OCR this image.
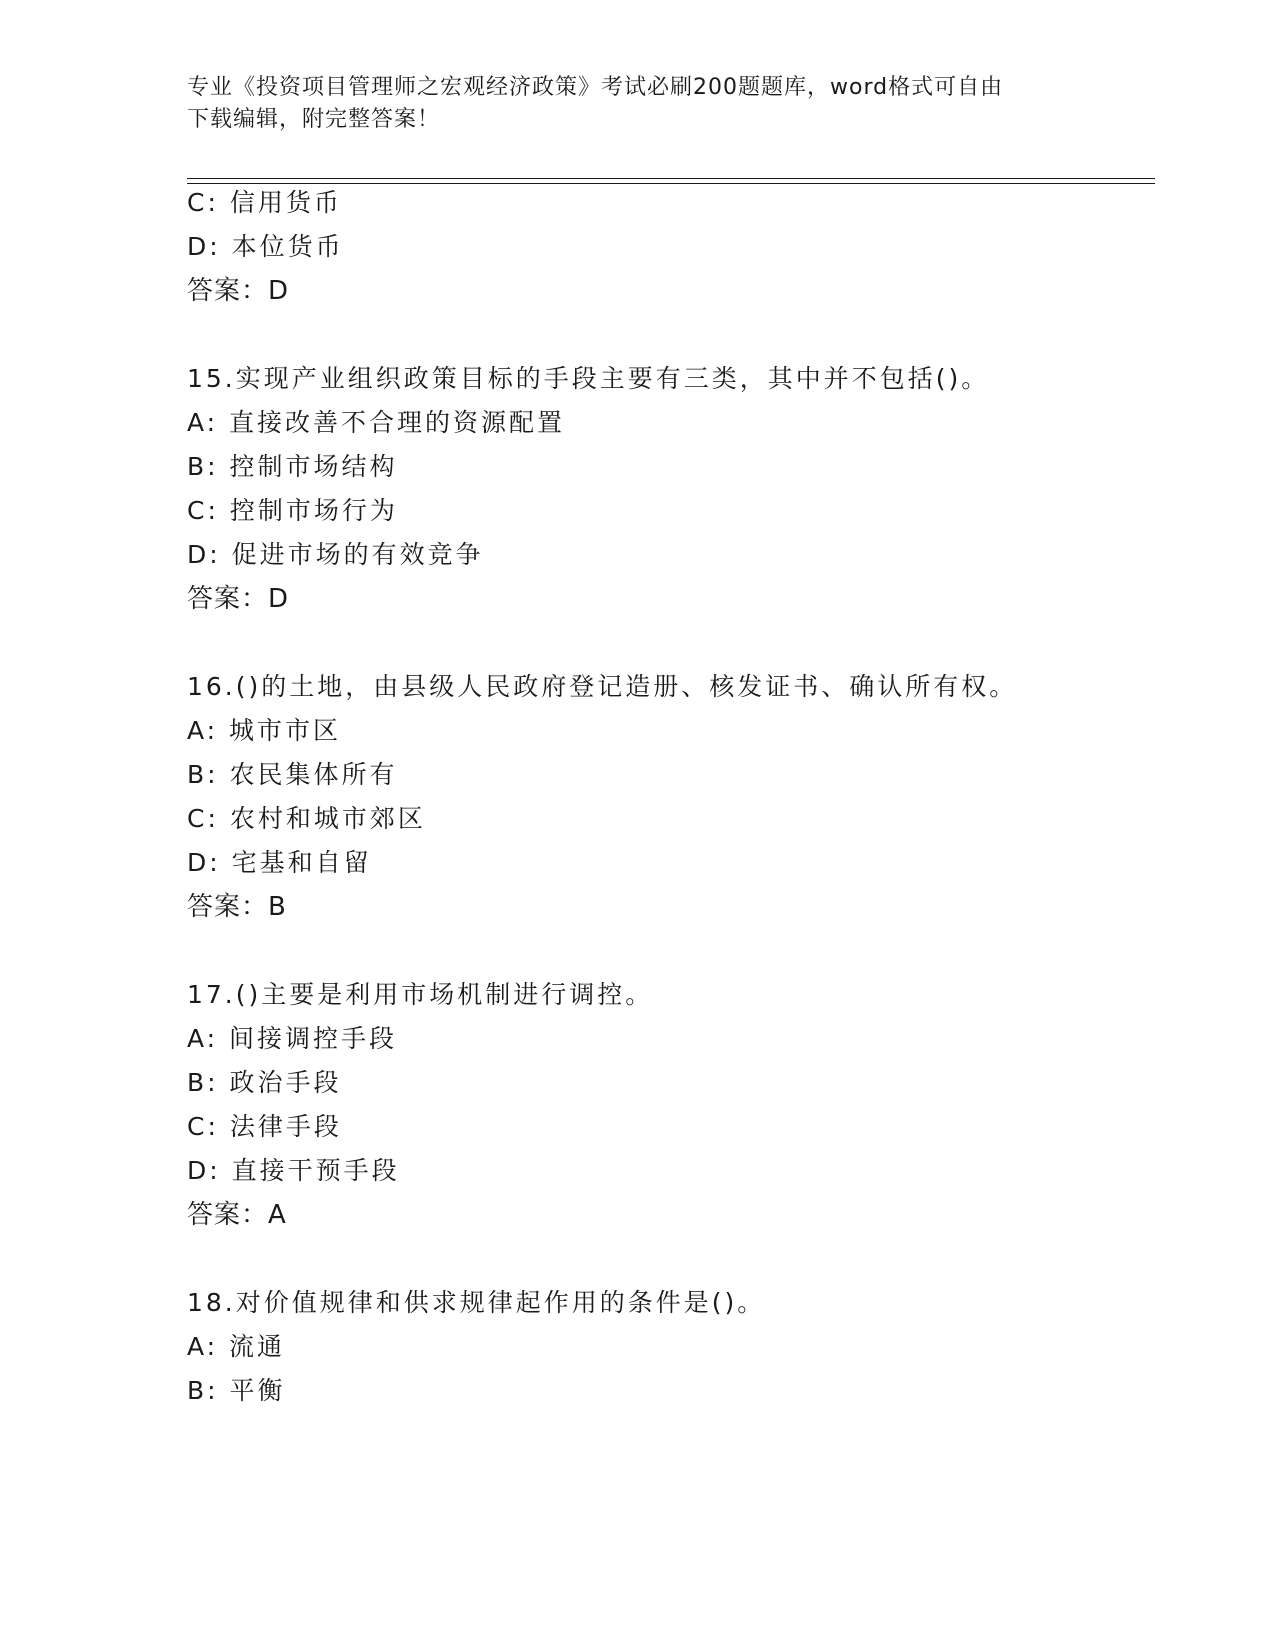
专业《投资项目管理师之宏观经济政策》考试必刷200题题库，word格式可自由
下载编辑，附完整答案！
C: 信用货币
D: 本位货币
答案：D
15.实现产业组织政策目标的手段主要有三类，其中并不包括()。
A: 直接改善不合理的资源配置
B: 控制市场结构
C: 控制市场行为
D: 促进市场的有效竞争
答案：D
16.()的土地，由县级人民政府登记造册、核发证书、确认所有权。
A: 城市市区
B: 农民集体所有
C: 农村和城市郊区
D: 宅基和自留
答案：B
17.()主要是利用市场机制进行调控。
A: 间接调控手段
B: 政治手段
C: 法律手段
D: 直接干预手段
答案：A
18.对价值规律和供求规律起作用的条件是()。
A: 流通
B: 平衡
